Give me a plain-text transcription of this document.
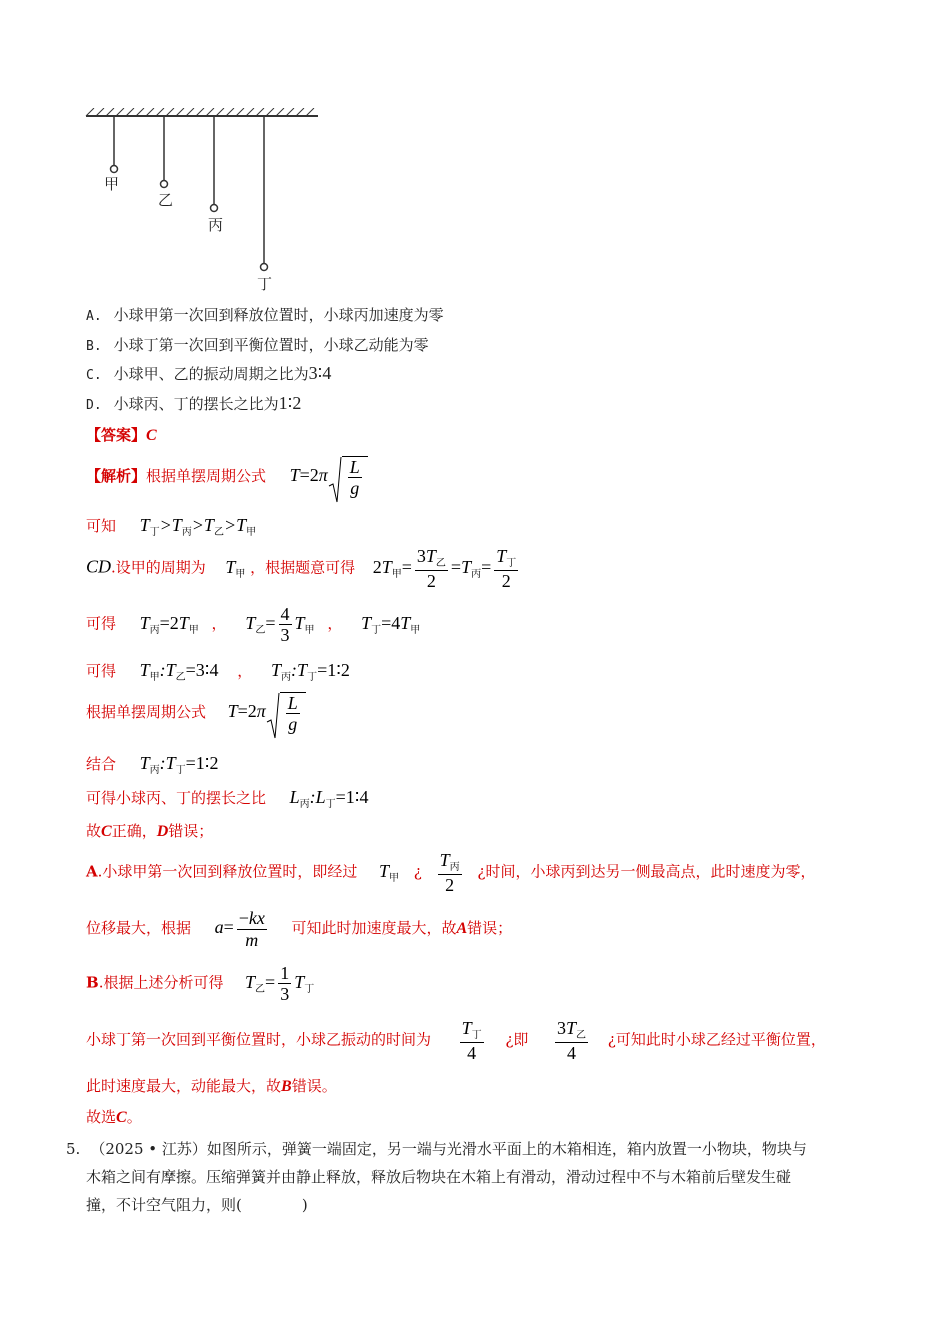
甲
乙
丙
丁
A. 小球甲第一次回到释放位置时，小球丙加速度为零
B. 小球丁第一次回到平衡位置时，小球乙动能为零
C. 小球甲、乙的振动周期之比为3∶4
D. 小球丙、丁的摆长之比为1∶2
【答案】C
【解析】根据单摆周期公式 $T=2\pi \frac{L}{g}$
可知 $T_丁>T_丙>T_乙>T_甲$
CD.设甲的周期为 $T_甲$ ，根据题意可得 $2T_甲= \frac{3T_乙}{2} =T_丙= \frac{T_丁}{2}$
可得 $T_丙=2T_甲$ ， $T_乙= \frac{4}{3} T_甲$ ， $T_丁=4T_甲$
可得 $T_甲:T_乙=3∶4$ ， $T_丙:T_丁=1∶2$
根据单摆周期公式 $T=2\pi \frac{L}{g}$
结合 $T_丙:T_丁=1∶2$
可得小球丙、丁的摆长之比 $L_丙:L_丁=1∶4$
故C正确，D错误；
A.小球甲第一次回到释放位置时，即经过 $T_甲$ ¿ $\frac{T_丙}{2}$ ¿时间，小球丙到达另一侧最高点，此时速度为零，
位移最大，根据 $a= \frac{-kx}{m}$ 可知此时加速度最大，故A错误；
B.根据上述分析可得 $T_乙= \frac{1}{3} T_丁$
小球丁第一次回到平衡位置时，小球乙振动的时间为 $\frac{T_丁}{4}$ ¿即 $\frac{3T_乙}{4}$ ¿可知此时小球乙经过平衡位置，
此时速度最大，动能最大，故B错误。
故选C。
5. （2025 • 江苏）如图所示，弹簧一端固定，另一端与光滑水平面上的木箱相连，箱内放置一小物块，物块与
木箱之间有摩擦。压缩弹簧并由静止释放，释放后物块在木箱上有滑动，滑动过程中不与木箱前后壁发生碰
撞，不计空气阻力，则(　　　　)
